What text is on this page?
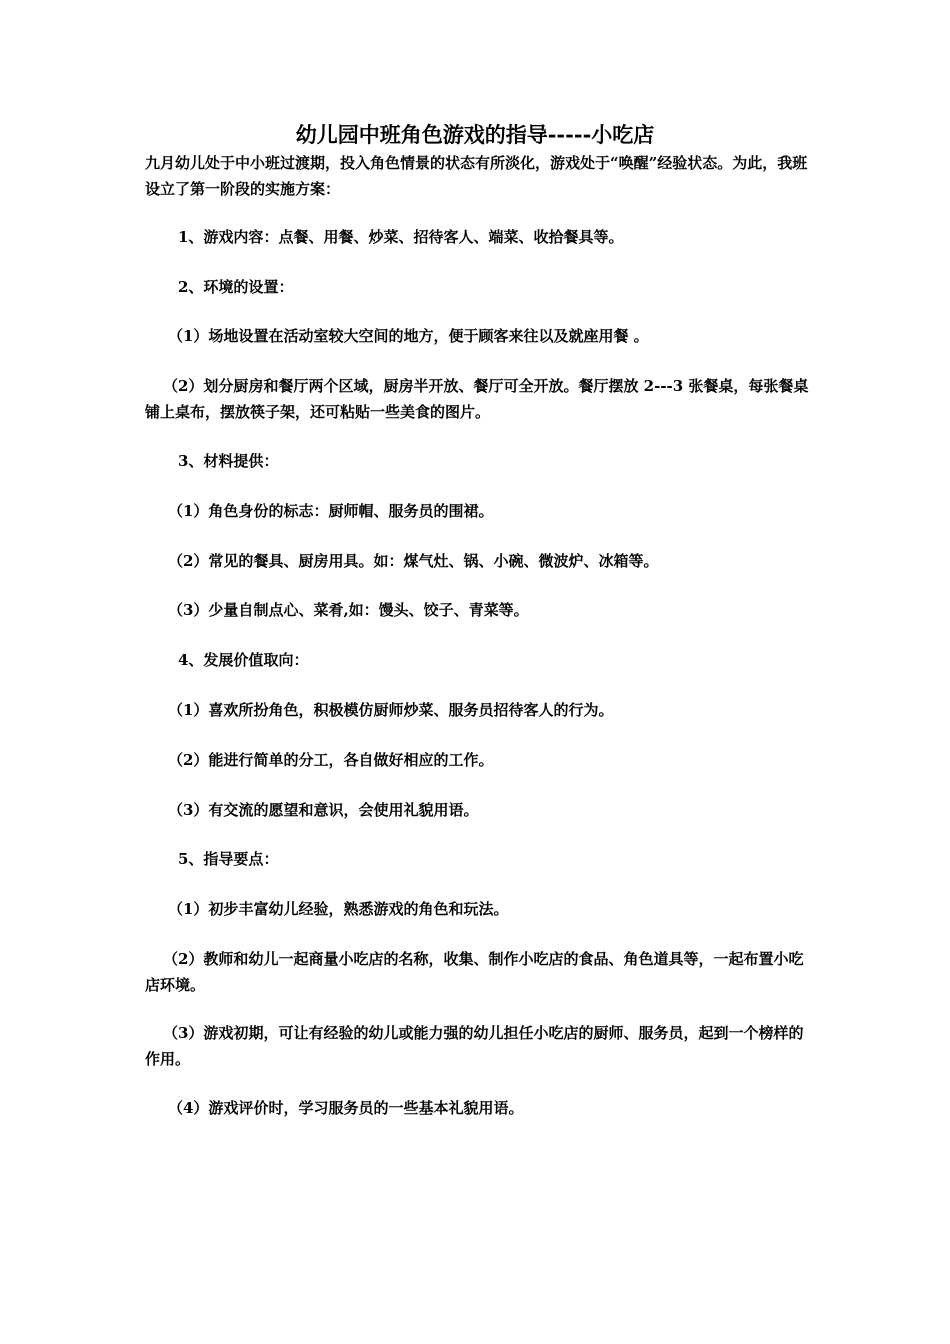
幼儿园中班角色游戏的指导-----小吃店
九月幼儿处于中小班过渡期，投入角色情景的状态有所淡化，游戏处于“唤醒”经验状态。为此，我班设立了第一阶段的实施方案：
1、游戏内容：点餐、用餐、炒菜、招待客人、端菜、收拾餐具等。
2、环境的设置：
（1）场地设置在活动室较大空间的地方，便于顾客来往以及就座用餐 。
（2）划分厨房和餐厅两个区域，厨房半开放、餐厅可全开放。餐厅摆放 2---3 张餐桌，每张餐桌铺上桌布，摆放筷子架，还可粘贴一些美食的图片。
3、材料提供：
（1）角色身份的标志：厨师帽、服务员的围裙。
（2）常见的餐具、厨房用具。如：煤气灶、锅、小碗、微波炉、冰箱等。
（3）少量自制点心、菜肴,如：馒头、饺子、青菜等。
4、发展价值取向：
（1）喜欢所扮角色，积极模仿厨师炒菜、服务员招待客人的行为。
（2）能进行简单的分工，各自做好相应的工作。
（3）有交流的愿望和意识，会使用礼貌用语。
5、指导要点：
（1）初步丰富幼儿经验，熟悉游戏的角色和玩法。
（2）教师和幼儿一起商量小吃店的名称，收集、制作小吃店的食品、角色道具等，一起布置小吃店环境。
（3）游戏初期，可让有经验的幼儿或能力强的幼儿担任小吃店的厨师、服务员，起到一个榜样的作用。
（4）游戏评价时，学习服务员的一些基本礼貌用语。
